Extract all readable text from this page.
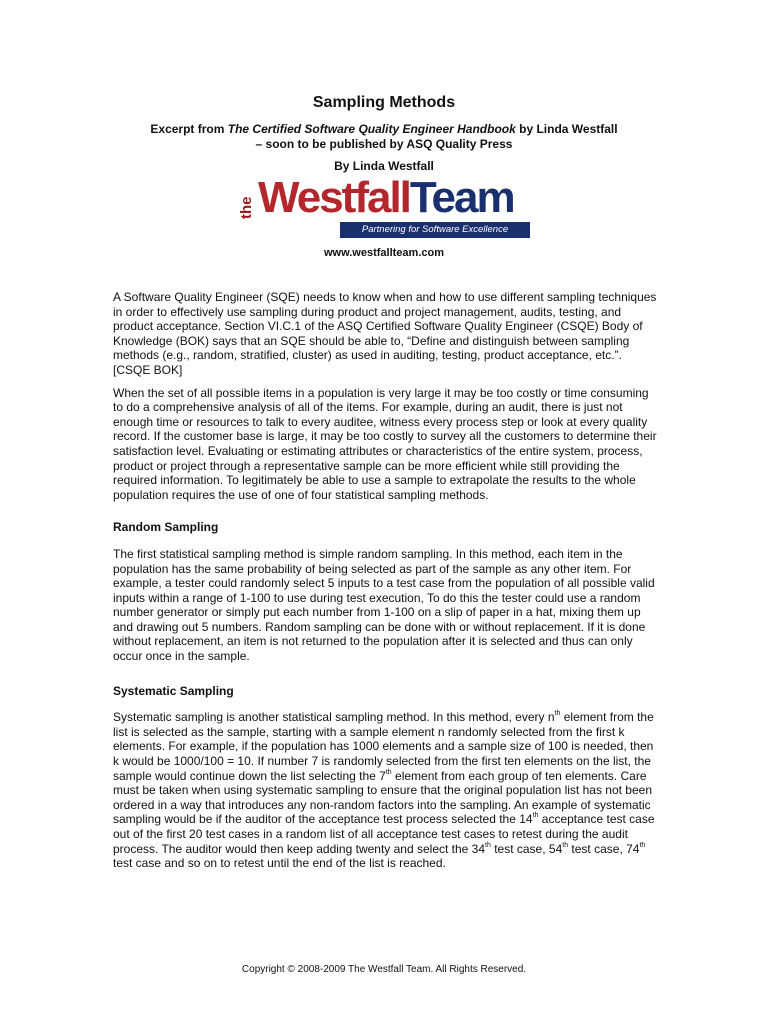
Sampling Methods
Excerpt from The Certified Software Quality Engineer Handbook by Linda Westfall
– soon to be published by ASQ Quality Press
By Linda Westfall
the WestfallTeam
Partnering for Software Excellence
www.westfallteam.com

A Software Quality Engineer (SQE) needs to know when and how to use different sampling techniques in order to effectively use sampling during product and project management, audits, testing, and product acceptance. Section VI.C.1 of the ASQ Certified Software Quality Engineer (CSQE) Body of Knowledge (BOK) says that an SQE should be able to, “Define and distinguish between sampling methods (e.g., random, stratified, cluster) as used in auditing, testing, product acceptance, etc.”. [CSQE BOK]

When the set of all possible items in a population is very large it may be too costly or time consuming to do a comprehensive analysis of all of the items. For example, during an audit, there is just not enough time or resources to talk to every auditee, witness every process step or look at every quality record. If the customer base is large, it may be too costly to survey all the customers to determine their satisfaction level. Evaluating or estimating attributes or characteristics of the entire system, process, product or project through a representative sample can be more efficient while still providing the required information. To legitimately be able to use a sample to extrapolate the results to the whole population requires the use of one of four statistical sampling methods.

Random Sampling

The first statistical sampling method is simple random sampling. In this method, each item in the population has the same probability of being selected as part of the sample as any other item. For example, a tester could randomly select 5 inputs to a test case from the population of all possible valid inputs within a range of 1-100 to use during test execution, To do this the tester could use a random number generator or simply put each number from 1-100 on a slip of paper in a hat, mixing them up and drawing out 5 numbers. Random sampling can be done with or without replacement. If it is done without replacement, an item is not returned to the population after it is selected and thus can only occur once in the sample.

Systematic Sampling

Systematic sampling is another statistical sampling method. In this method, every $n^{th}$ element from the list is selected as the sample, starting with a sample element n randomly selected from the first k elements. For example, if the population has 1000 elements and a sample size of 100 is needed, then k would be 1000/100 = 10. If number 7 is randomly selected from the first ten elements on the list, the sample would continue down the list selecting the 7th element from each group of ten elements. Care must be taken when using systematic sampling to ensure that the original population list has not been ordered in a way that introduces any non-random factors into the sampling. An example of systematic sampling would be if the auditor of the acceptance test process selected the 14th acceptance test case out of the first 20 test cases in a random list of all acceptance test cases to retest during the audit process. The auditor would then keep adding twenty and select the 34th test case, 54th test case, 74th test case and so on to retest until the end of the list is reached.

Copyright © 2008-2009 The Westfall Team. All Rights Reserved.
